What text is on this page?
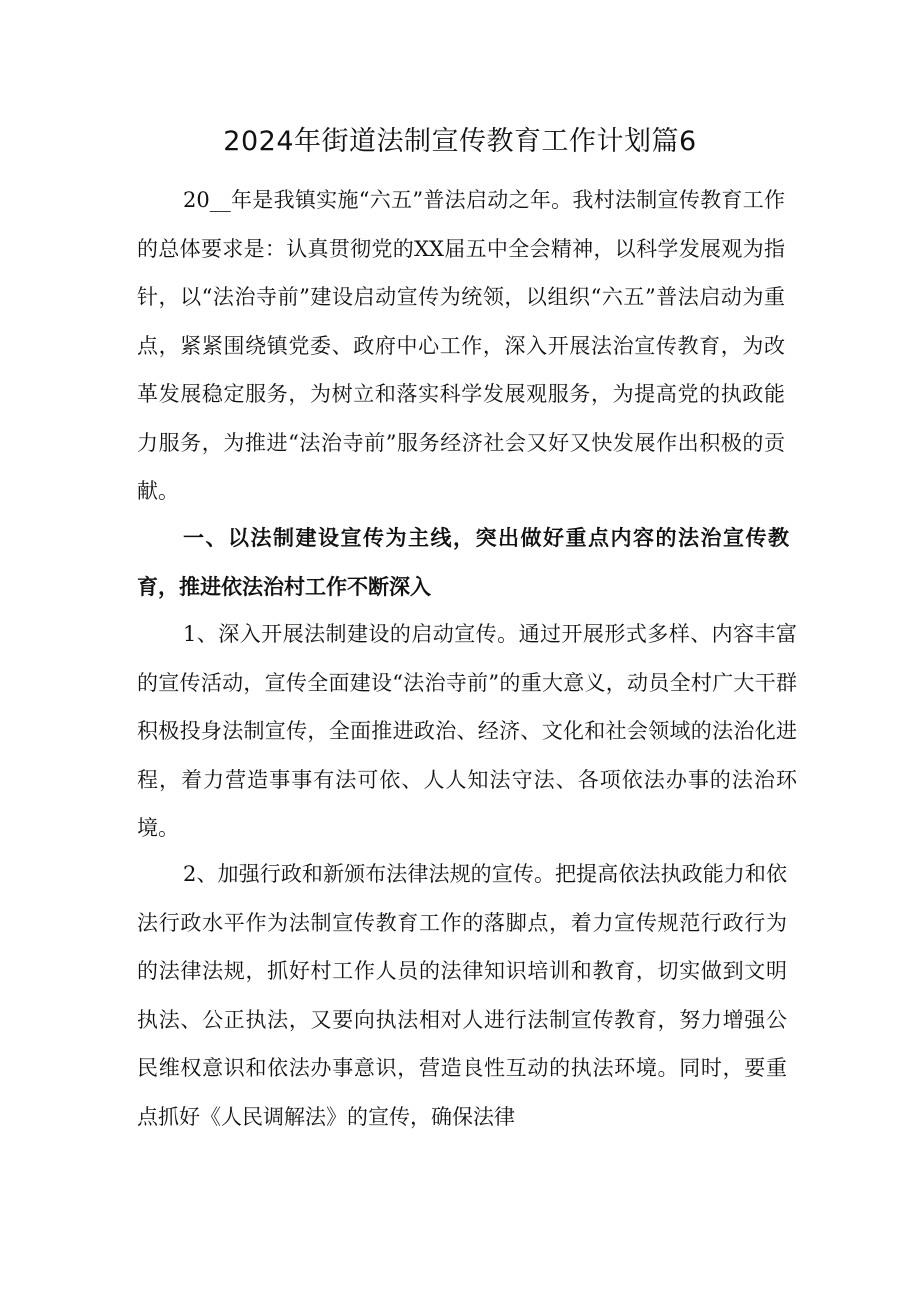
2024年街道法制宣传教育工作计划篇6

20__年是我镇实施“六五”普法启动之年。我村法制宣传教育工作的总体要求是：认真贯彻党的XX届五中全会精神，以科学发展观为指针，以“法治寺前”建设启动宣传为统领，以组织“六五”普法启动为重点，紧紧围绕镇党委、政府中心工作，深入开展法治宣传教育，为改革发展稳定服务，为树立和落实科学发展观服务，为提高党的执政能力服务，为推进“法治寺前”服务经济社会又好又快发展作出积极的贡献。

一、以法制建设宣传为主线，突出做好重点内容的法治宣传教育，推进依法治村工作不断深入

1、深入开展法制建设的启动宣传。通过开展形式多样、内容丰富的宣传活动，宣传全面建设“法治寺前”的重大意义，动员全村广大干群积极投身法制宣传，全面推进政治、经济、文化和社会领域的法治化进程，着力营造事事有法可依、人人知法守法、各项依法办事的法治环境。

2、加强行政和新颁布法律法规的宣传。把提高依法执政能力和依法行政水平作为法制宣传教育工作的落脚点，着力宣传规范行政行为的法律法规，抓好村工作人员的法律知识培训和教育，切实做到文明执法、公正执法，又要向执法相对人进行法制宣传教育，努力增强公民维权意识和依法办事意识，营造良性互动的执法环境。同时，要重点抓好《人民调解法》的宣传，确保法律
